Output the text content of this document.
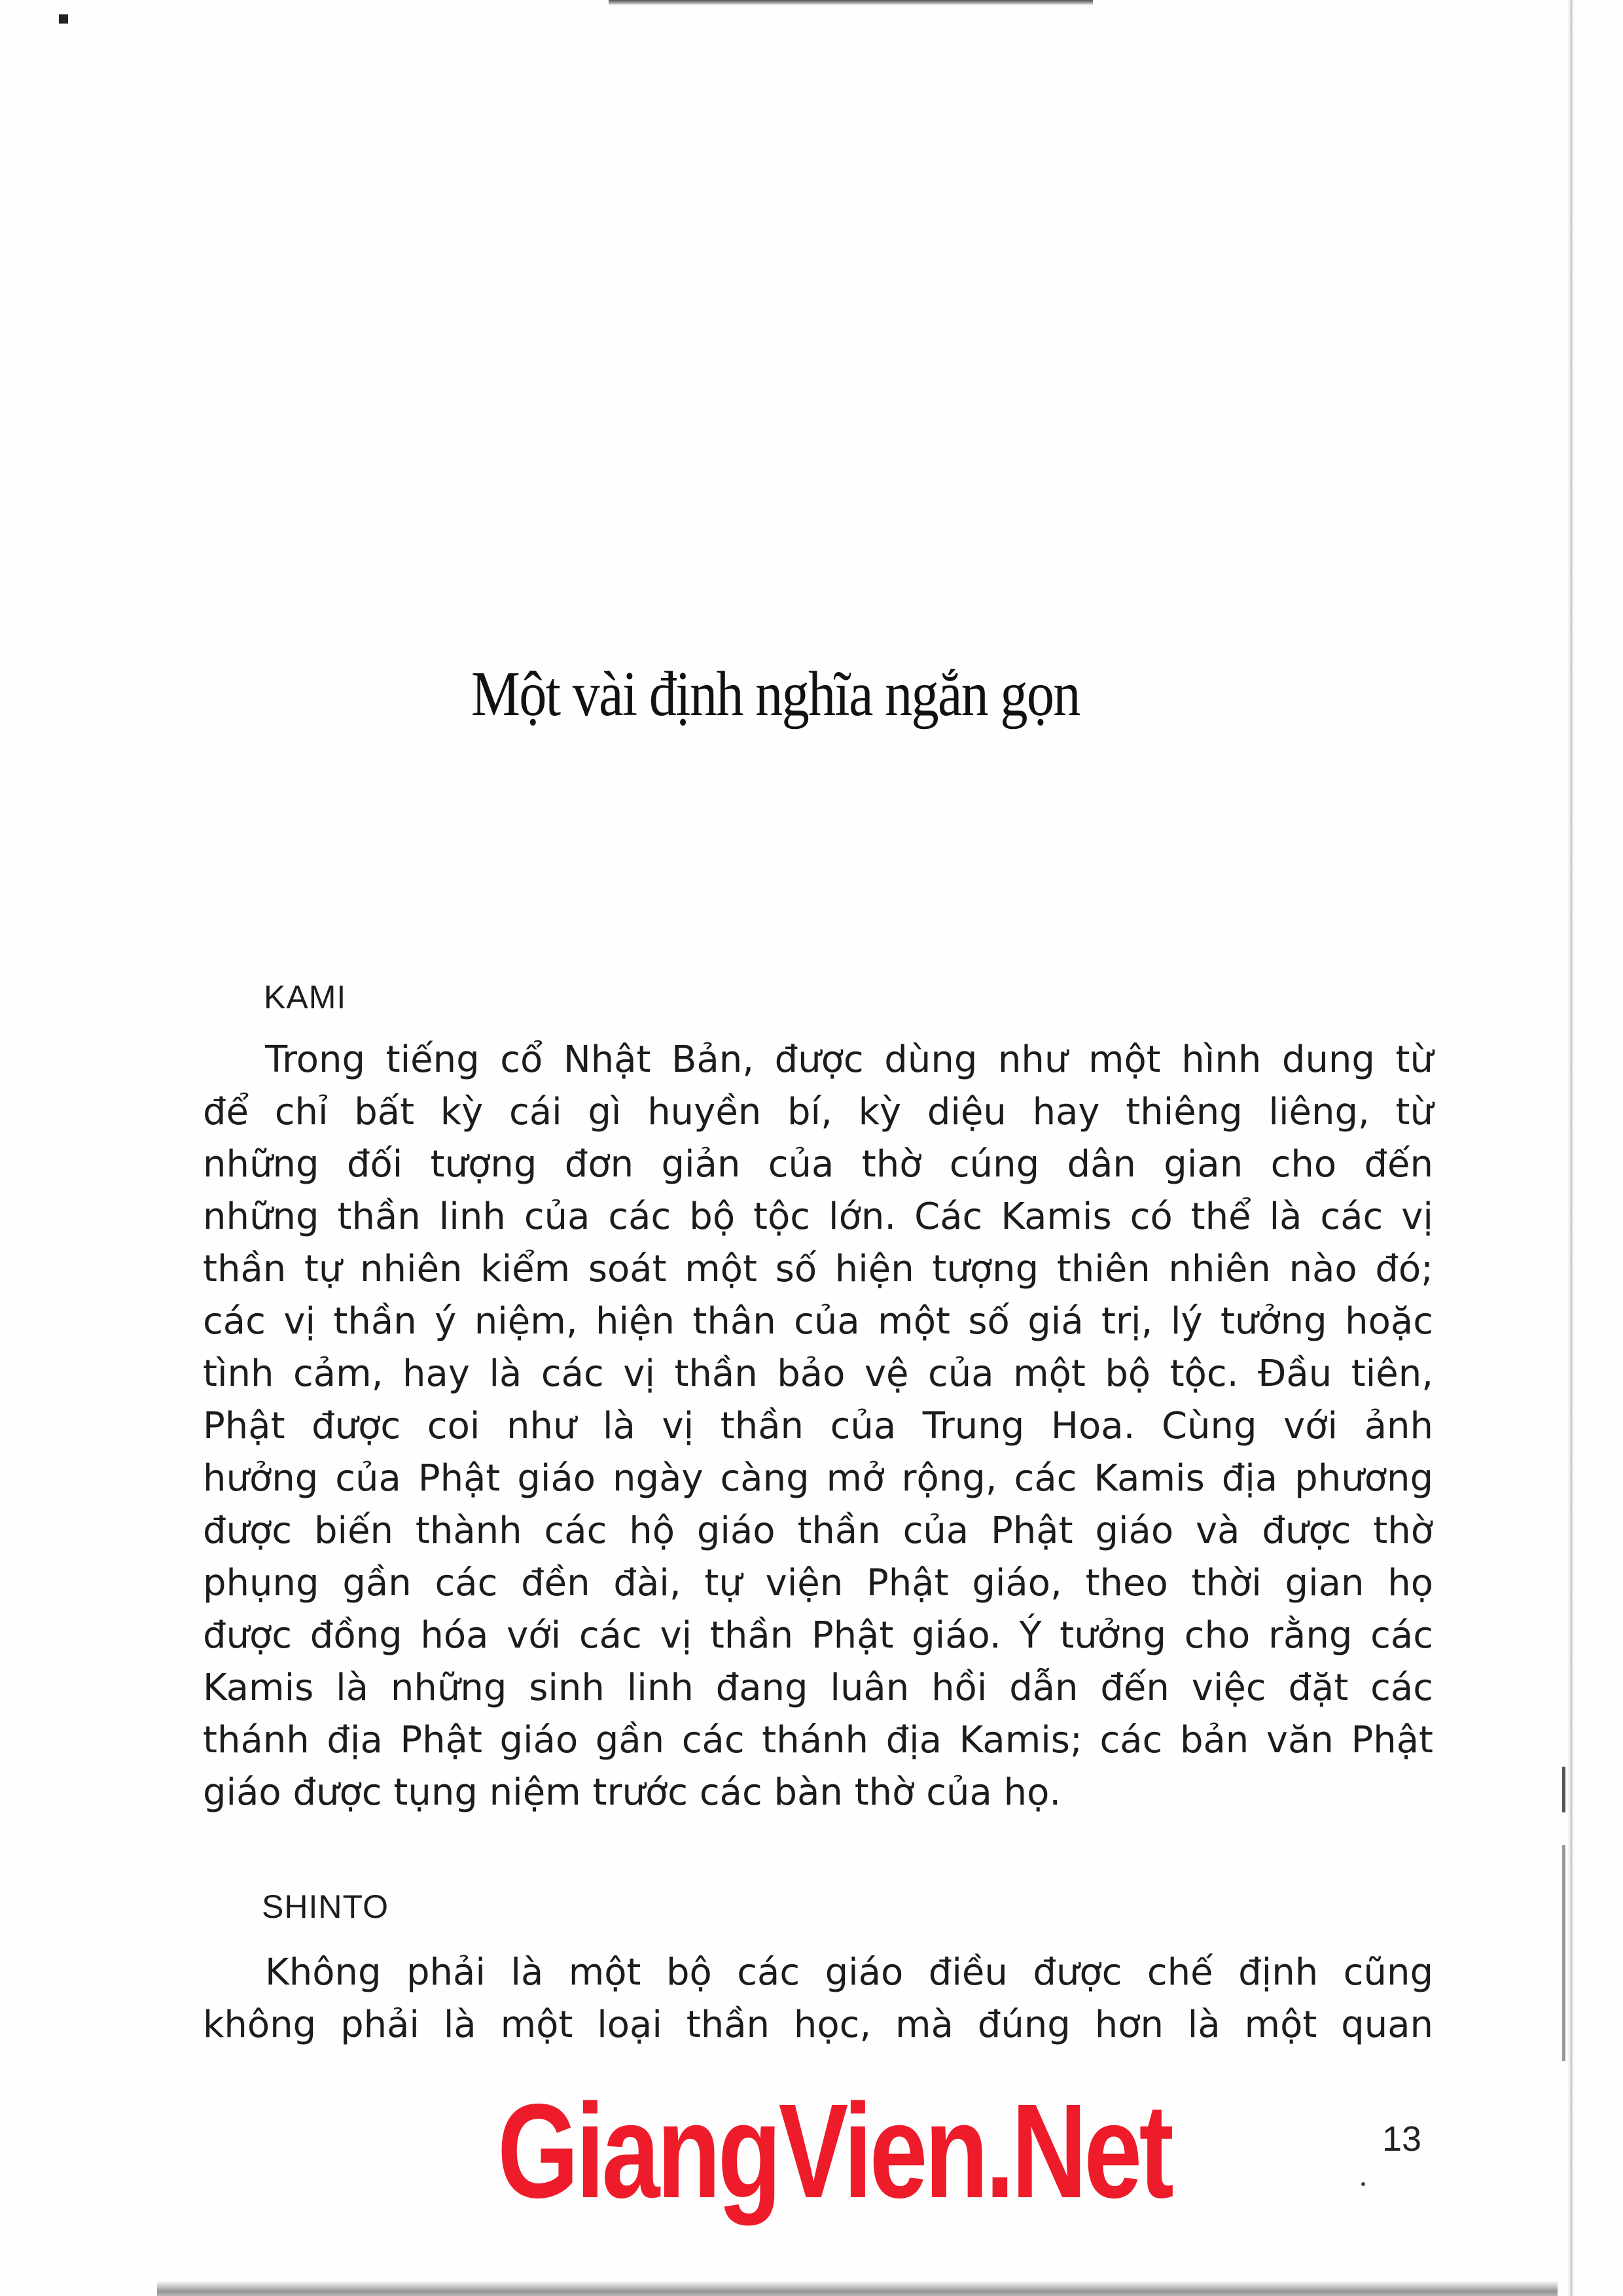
Một vài định nghĩa ngắn gọn
KAMI
Trong tiếng cổ Nhật Bản, được dùng như một hình dung từ
để chỉ bất kỳ cái gì huyền bí, kỳ diệu hay thiêng liêng, từ
những đối tượng đơn giản của thờ cúng dân gian cho đến
những thần linh của các bộ tộc lớn. Các Kamis có thể là các vị
thần tự nhiên kiểm soát một số hiện tượng thiên nhiên nào đó;
các vị thần ý niệm, hiện thân của một số giá trị, lý tưởng hoặc
tình cảm, hay là các vị thần bảo vệ của một bộ tộc. Đầu tiên,
Phật được coi như là vị thần của Trung Hoa. Cùng với ảnh
hưởng của Phật giáo ngày càng mở rộng, các Kamis địa phương
được biến thành các hộ giáo thần của Phật giáo và được thờ
phụng gần các đền đài, tự viện Phật giáo, theo thời gian họ
được đồng hóa với các vị thần Phật giáo. Ý tưởng cho rằng các
Kamis là những sinh linh đang luân hồi dẫn đến việc đặt các
thánh địa Phật giáo gần các thánh địa Kamis; các bản văn Phật
giáo được tụng niệm trước các bàn thờ của họ.
SHINTO
Không phải là một bộ các giáo điều được chế định cũng
không phải là một loại thần học, mà đúng hơn là một quan
GiangVien.Net	13
